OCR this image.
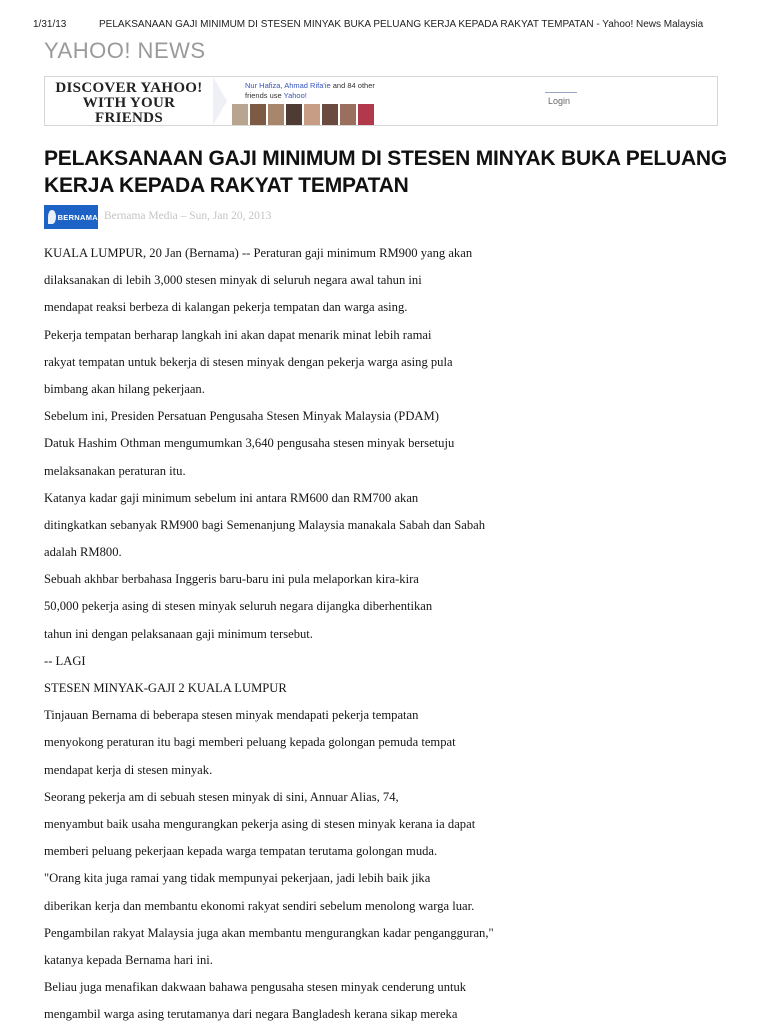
1/31/13	PELAKSANAAN GAJI MINIMUM DI STESEN MINYAK BUKA PELUANG KERJA KEPADA RAKYAT TEMPATAN - Yahoo! News Malaysia
YAHOO! NEWS
DISCOVER YAHOO!
WITH YOUR
FRIENDS
Nur Hafiza, Ahmad Rifa'ie and 84 other
friends use Yahoo!
Login
PELAKSANAAN GAJI MINIMUM DI STESEN MINYAK BUKA PELUANG KERJA KEPADA RAKYAT TEMPATAN
BERNAMA Bernama Media – Sun, Jan 20, 2013

KUALA LUMPUR, 20 Jan (Bernama) -- Peraturan gaji minimum RM900 yang akan

dilaksanakan di lebih 3,000 stesen minyak di seluruh negara awal tahun ini

mendapat reaksi berbeza di kalangan pekerja tempatan dan warga asing.

Pekerja tempatan berharap langkah ini akan dapat menarik minat lebih ramai

rakyat tempatan untuk bekerja di stesen minyak dengan pekerja warga asing pula

bimbang akan hilang pekerjaan.

Sebelum ini, Presiden Persatuan Pengusaha Stesen Minyak Malaysia (PDAM)

Datuk Hashim Othman mengumumkan 3,640 pengusaha stesen minyak bersetuju

melaksanakan peraturan itu.

Katanya kadar gaji minimum sebelum ini antara RM600 dan RM700 akan

ditingkatkan sebanyak RM900 bagi Semenanjung Malaysia manakala Sabah dan Sabah

adalah RM800.

Sebuah akhbar berbahasa Inggeris baru-baru ini pula melaporkan kira-kira

50,000 pekerja asing di stesen minyak seluruh negara dijangka diberhentikan

tahun ini dengan pelaksanaan gaji minimum tersebut.

-- LAGI

STESEN MINYAK-GAJI 2 KUALA LUMPUR

Tinjauan Bernama di beberapa stesen minyak mendapati pekerja tempatan

menyokong peraturan itu bagi memberi peluang kepada golongan pemuda tempat

mendapat kerja di stesen minyak.

Seorang pekerja am di sebuah stesen minyak di sini, Annuar Alias, 74,

menyambut baik usaha mengurangkan pekerja asing di stesen minyak kerana ia dapat

memberi peluang pekerjaan kepada warga tempatan terutama golongan muda.

"Orang kita juga ramai yang tidak mempunyai pekerjaan, jadi lebih baik jika

diberikan kerja dan membantu ekonomi rakyat sendiri sebelum menolong warga luar.

Pengambilan rakyat Malaysia juga akan membantu mengurangkan kadar pengangguran,"

katanya kepada Bernama hari ini.

Beliau juga menafikan dakwaan bahawa pengusaha stesen minyak cenderung untuk

mengambil warga asing terutamanya dari negara Bangladesh kerana sikap mereka
